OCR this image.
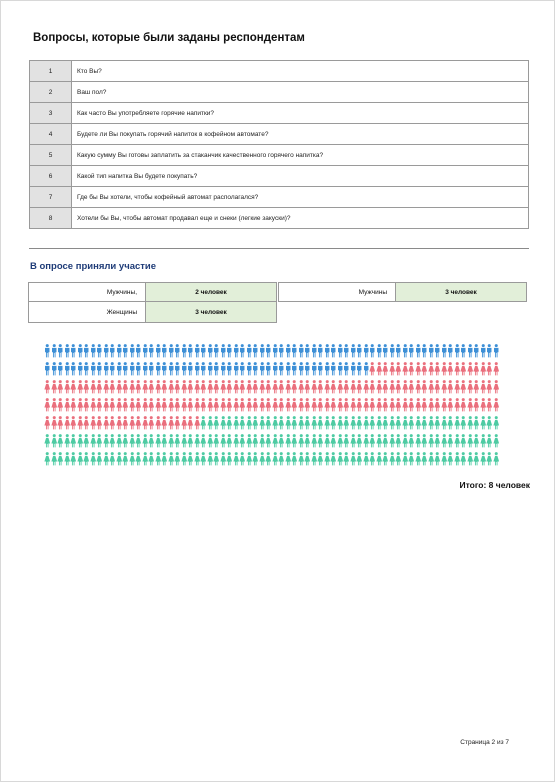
Вопросы, которые были заданы респондентам
1	Кто Вы?
2	Ваш пол?
3	Как часто Вы употребляете горячие напитки?
4	Будете ли Вы покупать горячий напиток в кофейном автомате?
5	Какую сумму Вы готовы заплатить за стаканчик качественного горячего напитка?
6	Какой тип напитка Вы будете покупать?
7	Где бы Вы хотели, чтобы кофейный автомат располагался?
8	Хотели бы Вы, чтобы автомат продавал еще и снеки (легкие закуски)?
В опросе приняли участие
Мужчины,	2 человек
Женщины	3 человек
Мужчины	3 человек
Итого: 8 человек
Страница 2 из 7
